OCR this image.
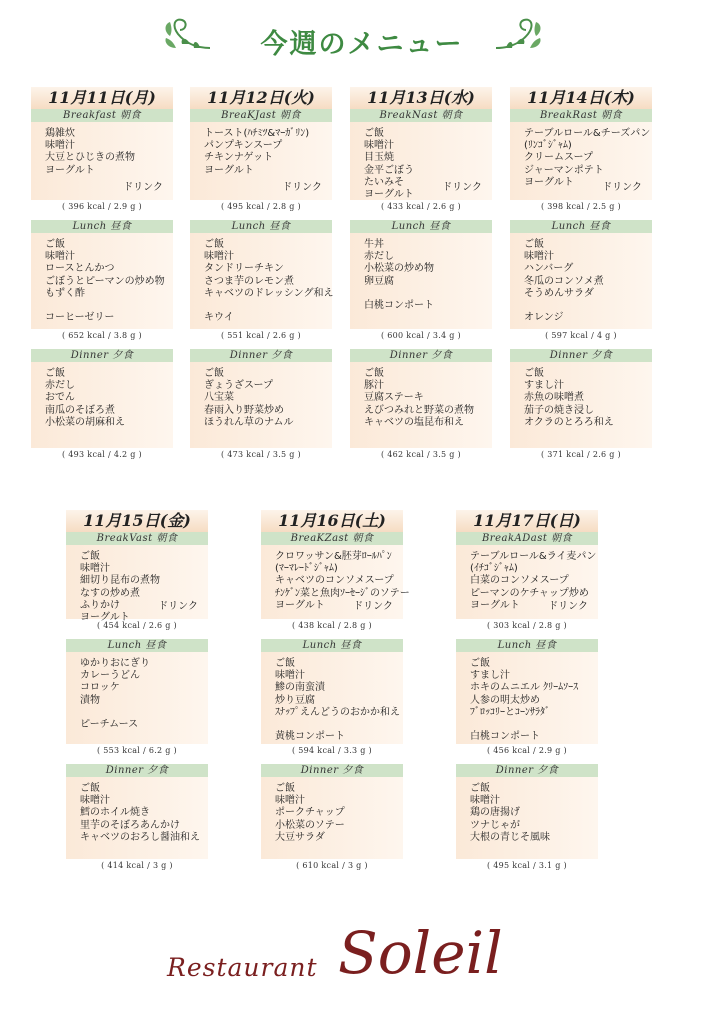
今週のメニュー
11月11日(月)
Breakfast 朝食
鶏雑炊
味噌汁
大豆とひじきの煮物
ヨーグルト
ドリンク
( 396 kcal / 2.9 g )
Lunch 昼食
ご飯
味噌汁
ロースとんかつ
ごぼうとピーマンの炒め物
もずく酢
コーヒーゼリー
( 652 kcal / 3.8 g )
Dinner 夕食
ご飯
赤だし
おでん
南瓜のそぼろ煮
小松菜の胡麻和え
( 493 kcal / 4.2 g )
11月12日(火)
BreaKJast 朝食
トースト(ﾊﾁﾐﾂ&ﾏｰｶﾞﾘﾝ)
パンプキンスープ
チキンナゲット
ヨーグルト
ドリンク
( 495 kcal / 2.8 g )
Lunch 昼食
ご飯
味噌汁
タンドリーチキン
さつま芋のレモン煮
キャベツのドレッシング和え
キウイ
( 551 kcal / 2.6 g )
Dinner 夕食
ご飯
ぎょうざスープ
八宝菜
春雨入り野菜炒め
ほうれん草のナムル
( 473 kcal / 3.5 g )
11月13日(水)
BreakNast 朝食
ご飯
味噌汁
目玉焼
金平ごぼう
たいみそ
ヨーグルト
ドリンク
( 433 kcal / 2.6 g )
Lunch 昼食
牛丼
赤だし
小松菜の炒め物
卵豆腐
白桃コンポート
( 600 kcal / 3.4 g )
Dinner 夕食
ご飯
豚汁
豆腐ステーキ
えびつみれと野菜の煮物
キャベツの塩昆布和え
( 462 kcal / 3.5 g )
11月14日(木)
BreakRast 朝食
テーブルロール&チーズパン
(ﾘﾝｺﾞｼﾞｬﾑ)
クリームスープ
ジャーマンポテト
ヨーグルト	ドリンク
( 398 kcal / 2.5 g )
Lunch 昼食
ご飯
味噌汁
ハンバーグ
冬瓜のコンソメ煮
そうめんサラダ
オレンジ
( 597 kcal / 4 g )
Dinner 夕食
ご飯
すまし汁
赤魚の味噌煮
茄子の焼き浸し
オクラのとろろ和え
( 371 kcal / 2.6 g )
11月15日(金)
BreakVast 朝食
ご飯
味噌汁
細切り昆布の煮物
なすの炒め煮
ふりかけ
ヨーグルト
ドリンク
( 454 kcal / 2.6 g )
Lunch 昼食
ゆかりおにぎり
カレーうどん
コロッケ
漬物
ピーチムース
( 553 kcal / 6.2 g )
Dinner 夕食
ご飯
味噌汁
鱈のホイル焼き
里芋のそぼろあんかけ
キャベツのおろし醤油和え
( 414 kcal / 3 g )
11月16日(土)
BreaKZast 朝食
クロワッサン&胚芽ﾛｰﾙﾊﾟﾝ
(ﾏｰﾏﾚｰﾄﾞｼﾞｬﾑ)
キャベツのコンソメスープ
ﾁﾝｹﾞﾝ菜と魚肉ｿｰｾｰｼﾞのソテー
ヨーグルト	ドリンク
( 438 kcal / 2.8 g )
Lunch 昼食
ご飯
味噌汁
鯵の南蛮漬
炒り豆腐
ｽﾅｯﾌﾟえんどうのおかか和え
黄桃コンポート
( 594 kcal / 3.3 g )
Dinner 夕食
ご飯
味噌汁
ポークチャップ
小松菜のソテー
大豆サラダ
( 610 kcal / 3 g )
11月17日(日)
BreakADast 朝食
テーブルロール&ライ麦パン
(ｲﾁｺﾞｼﾞｬﾑ)
白菜のコンソメスープ
ピーマンのケチャップ炒め
ヨーグルト	ドリンク
( 303 kcal / 2.8 g )
Lunch 昼食
ご飯
すまし汁
ホキのムニエル ｸﾘｰﾑｿｰｽ
人参の明太炒め
ﾌﾞﾛｯｺﾘｰとｺｰﾝｻﾗﾀﾞ
白桃コンポート
( 456 kcal / 2.9 g )
Dinner 夕食
ご飯
味噌汁
鶏の唐揚げ
ツナじゃが
大根の青じそ風味
( 495 kcal / 3.1 g )
Restaurant Soleil
